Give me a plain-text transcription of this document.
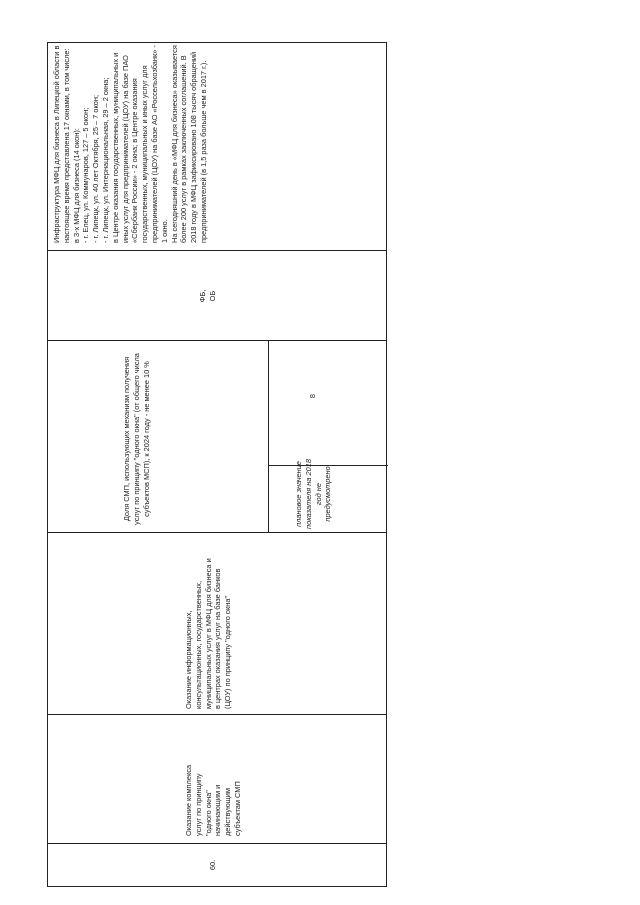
60.
Оказание комплекса услуг по принципу "одного окна" начинающим и действующим субъектам СМП
Оказание информационных, консультационных, государственных, муниципальных услуг в МФЦ для бизнеса и в центрах оказания услуг на базе банков (ЦОУ) по принципу "одного окна"
Доля СМП, использующих механизм получения услуг по принципу "одного окна" (от общего числа субъектов МСП), к 2024 году - не менее 10 %	плановое значение показателя на 2018 год не предусмотрено
8
ФБ,
ОБ
Инфраструктура МФЦ для бизнеса в Липецкой области в настоящее время представлена 17 окнами, в том числе:
в 3-х МФЦ для бизнеса (14 окон):
- г. Елец, ул. Коммунаров, 127 – 5 окон;
- г. Липецк, ул. 40 лет Октября, 25 – 7 окон;
- г. Липецк, ул. Интернациональная, 29 – 2 окна;
в Центре оказания государственных, муниципальных и иных услуг для предпринимателей (ЦОУ) на базе ПАО «Сбербанк России» - 2 окна; в Центре оказания государственных, муниципальных и иных услуг для предпринимателей (ЦОУ) на базе АО «Россельхозбанк» - 1 окно.
На сегодняшний день в «МФЦ для бизнеса» оказывается более 200 услуг в рамках заключенных соглашений. В 2018 году в МФЦ зафиксировано 108 тысяч обращений предпринимателей (в 1,5 раза больше чем в 2017 г.).
